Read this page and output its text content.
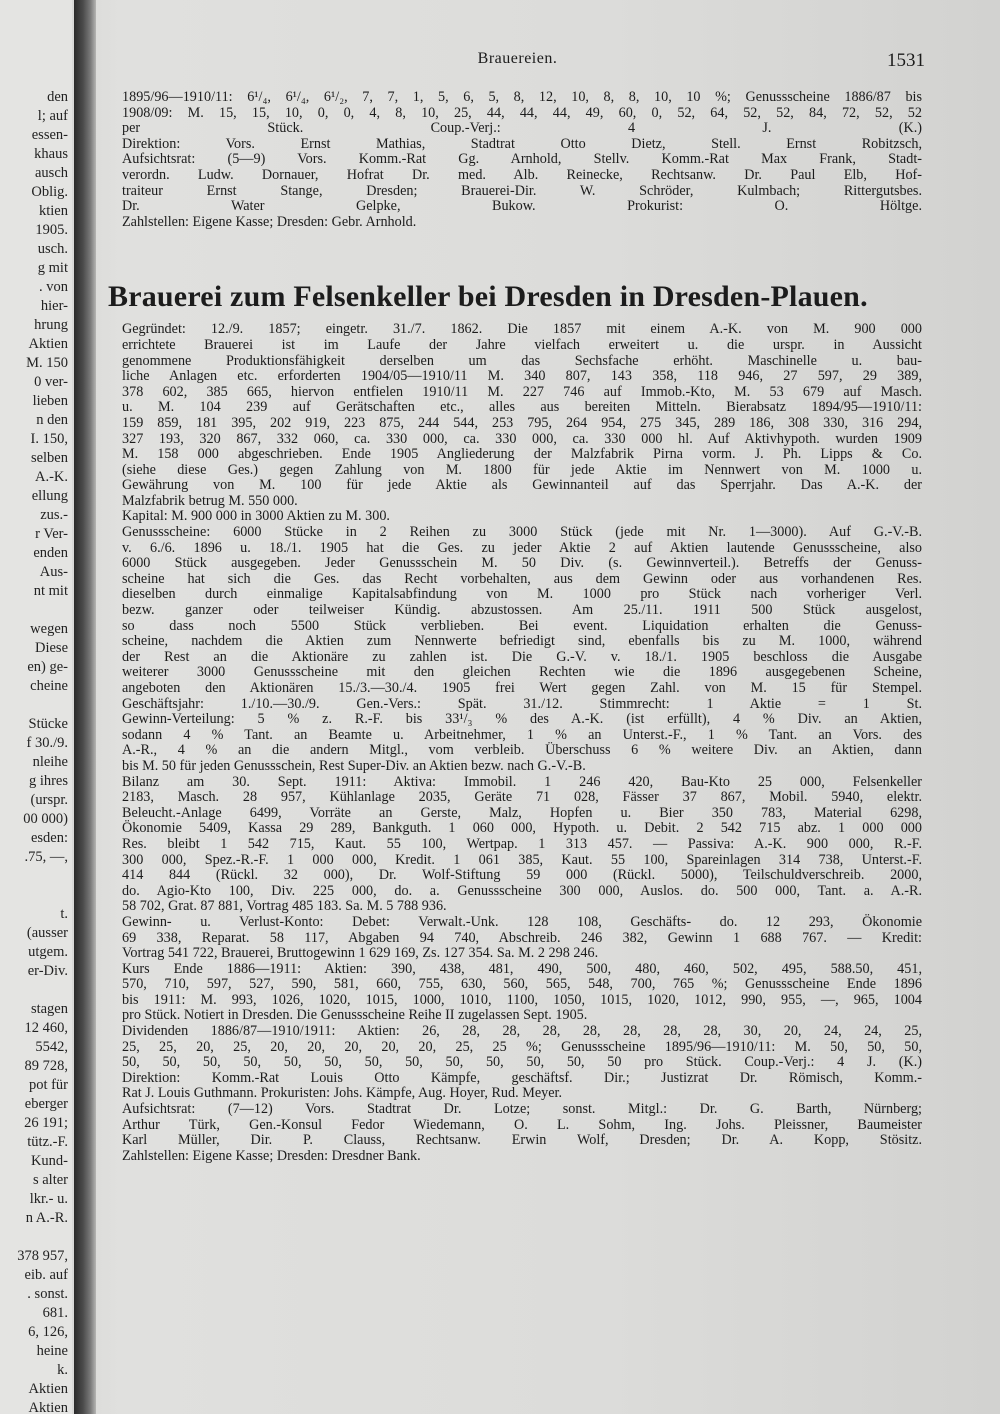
den
l; auf
essen-
khaus
ausch
Oblig.
ktien
1905.
usch.
g mit
. von
hier-
hrung
Aktien
M. 150
0 ver-
lieben
n den
I. 150,
selben
A.-K.
ellung
zus.-
r Ver-
enden
Aus-
nt mit
wegen
Diese
en) ge-
cheine
Stücke
f 30./9.
nleihe
g ihres
(urspr.
00 000)
esden:
.75, —,
t.
(ausser
utgem.
er-Div.
stagen
12 460,
5542,
89 728,
pot für
eberger
26 191;
tütz.-F.
Kund-
s alter
lkr.- u.
n A.-R.
378 957,
eib. auf
. sonst.
681.
6, 126,
heine
k.
Aktien
Aktien
Brauereien.	1531
1895/96—1910/11: 6¹/₄, 6¹/₄, 6¹/₂, 7, 7, 1, 5, 6, 5, 8, 12, 10, 8, 8, 10, 10 %; Genussscheine 1886/87 bis
1908/09: M. 15, 15, 10, 0, 0, 4, 8, 10, 25, 44, 44, 44, 49, 60, 0, 52, 64, 52, 52, 84, 72, 52, 52
per Stück. Coup.-Verj.: 4 J. (K.)
Direktion: Vors. Ernst Mathias, Stadtrat Otto Dietz, Stell. Ernst Robitzsch,
Aufsichtsrat: (5—9) Vors. Komm.-Rat Gg. Arnhold, Stellv. Komm.-Rat Max Frank, Stadt-
verordn. Ludw. Dornauer, Hofrat Dr. med. Alb. Reinecke, Rechtsanw. Dr. Paul Elb, Hof-
traiteur Ernst Stange, Dresden; Brauerei-Dir. W. Schröder, Kulmbach; Rittergutsbes.
Dr. Water Gelpke, Bukow. Prokurist: O. Höltge.
Zahlstellen: Eigene Kasse; Dresden: Gebr. Arnhold.
Brauerei zum Felsenkeller bei Dresden in Dresden-Plauen.
Gegründet: 12./9. 1857; eingetr. 31./7. 1862. Die 1857 mit einem A.-K. von M. 900 000
errichtete Brauerei ist im Laufe der Jahre vielfach erweitert u. die urspr. in Aussicht
genommene Produktionsfähigkeit derselben um das Sechsfache erhöht. Maschinelle u. bau-
liche Anlagen etc. erforderten 1904/05—1910/11 M. 340 807, 143 358, 118 946, 27 597, 29 389,
378 602, 385 665, hiervon entfielen 1910/11 M. 227 746 auf Immob.-Kto, M. 53 679 auf Masch.
u. M. 104 239 auf Gerätschaften etc., alles aus bereiten Mitteln. Bierabsatz 1894/95—1910/11:
159 859, 181 395, 202 919, 223 875, 244 544, 253 795, 264 954, 275 345, 289 186, 308 330, 316 294,
327 193, 320 867, 332 060, ca. 330 000, ca. 330 000, ca. 330 000 hl. Auf Aktivhypoth. wurden 1909
M. 158 000 abgeschrieben. Ende 1905 Angliederung der Malzfabrik Pirna vorm. J. Ph. Lipps & Co.
(siehe diese Ges.) gegen Zahlung von M. 1800 für jede Aktie im Nennwert von M. 1000 u.
Gewährung von M. 100 für jede Aktie als Gewinnanteil auf das Sperrjahr. Das A.-K. der
Malzfabrik betrug M. 550 000.
Kapital: M. 900 000 in 3000 Aktien zu M. 300.
Genussscheine: 6000 Stücke in 2 Reihen zu 3000 Stück (jede mit Nr. 1—3000). Auf G.-V.-B.
v. 6./6. 1896 u. 18./1. 1905 hat die Ges. zu jeder Aktie 2 auf Aktien lautende Genussscheine, also
6000 Stück ausgegeben. Jeder Genussschein M. 50 Div. (s. Gewinnverteil.). Betreffs der Genuss-
scheine hat sich die Ges. das Recht vorbehalten, aus dem Gewinn oder aus vorhandenen Res.
dieselben durch einmalige Kapitalsabfindung von M. 1000 pro Stück nach vorheriger Verl.
bezw. ganzer oder teilweiser Kündig. abzustossen. Am 25./11. 1911 500 Stück ausgelost,
so dass noch 5500 Stück verblieben. Bei event. Liquidation erhalten die Genuss-
scheine, nachdem die Aktien zum Nennwerte befriedigt sind, ebenfalls bis zu M. 1000, während
der Rest an die Aktionäre zu zahlen ist. Die G.-V. v. 18./1. 1905 beschloss die Ausgabe
weiterer 3000 Genussscheine mit den gleichen Rechten wie die 1896 ausgegebenen Scheine,
angeboten den Aktionären 15./3.—30./4. 1905 frei Wert gegen Zahl. von M. 15 für Stempel.
Geschäftsjahr: 1./10.—30./9. Gen.-Vers.: Spät. 31./12. Stimmrecht: 1 Aktie = 1 St.
Gewinn-Verteilung: 5 % z. R.-F. bis 33¹/₃ % des A.-K. (ist erfüllt), 4 % Div. an Aktien,
sodann 4 % Tant. an Beamte u. Arbeitnehmer, 1 % an Unterst.-F., 1 % Tant. an Vors. des
A.-R., 4 % an die andern Mitgl., vom verbleib. Überschuss 6 % weitere Div. an Aktien, dann
bis M. 50 für jeden Genussschein, Rest Super-Div. an Aktien bezw. nach G.-V.-B.
Bilanz am 30. Sept. 1911: Aktiva: Immobil. 1 246 420, Bau-Kto 25 000, Felsenkeller
2183, Masch. 28 957, Kühlanlage 2035, Geräte 71 028, Fässer 37 867, Mobil. 5940, elektr.
Beleucht.-Anlage 6499, Vorräte an Gerste, Malz, Hopfen u. Bier 350 783, Material 6298,
Ökonomie 5409, Kassa 29 289, Bankguth. 1 060 000, Hypoth. u. Debit. 2 542 715 abz. 1 000 000
Res. bleibt 1 542 715, Kaut. 55 100, Wertpap. 1 313 457. — Passiva: A.-K. 900 000, R.-F.
300 000, Spez.-R.-F. 1 000 000, Kredit. 1 061 385, Kaut. 55 100, Spareinlagen 314 738, Unterst.-F.
414 844 (Rückl. 32 000), Dr. Wolf-Stiftung 59 000 (Rückl. 5000), Teilschuldverschreib. 2000,
do. Agio-Kto 100, Div. 225 000, do. a. Genussscheine 300 000, Auslos. do. 500 000, Tant. a. A.-R.
58 702, Grat. 87 881, Vortrag 485 183. Sa. M. 5 788 936.
Gewinn- u. Verlust-Konto: Debet: Verwalt.-Unk. 128 108, Geschäfts- do. 12 293, Ökonomie
69 338, Reparat. 58 117, Abgaben 94 740, Abschreib. 246 382, Gewinn 1 688 767. — Kredit:
Vortrag 541 722, Brauerei, Bruttogewinn 1 629 169, Zs. 127 354. Sa. M. 2 298 246.
Kurs Ende 1886—1911: Aktien: 390, 438, 481, 490, 500, 480, 460, 502, 495, 588.50, 451,
570, 710, 597, 527, 590, 581, 660, 755, 630, 560, 565, 548, 700, 765 %; Genussscheine Ende 1896
bis 1911: M. 993, 1026, 1020, 1015, 1000, 1010, 1100, 1050, 1015, 1020, 1012, 990, 955, —, 965, 1004
pro Stück. Notiert in Dresden. Die Genussscheine Reihe II zugelassen Sept. 1905.
Dividenden 1886/87—1910/1911: Aktien: 26, 28, 28, 28, 28, 28, 28, 28, 30, 20, 24, 24, 25,
25, 25, 20, 25, 20, 20, 20, 20, 20, 25, 25 %; Genussscheine 1895/96—1910/11: M. 50, 50, 50,
50, 50, 50, 50, 50, 50, 50, 50, 50, 50, 50, 50, 50 pro Stück. Coup.-Verj.: 4 J. (K.)
Direktion: Komm.-Rat Louis Otto Kämpfe, geschäftsf. Dir.; Justizrat Dr. Römisch, Komm.-
Rat J. Louis Guthmann. Prokuristen: Johs. Kämpfe, Aug. Hoyer, Rud. Meyer.
Aufsichtsrat: (7—12) Vors. Stadtrat Dr. Lotze; sonst. Mitgl.: Dr. G. Barth, Nürnberg;
Arthur Türk, Gen.-Konsul Fedor Wiedemann, O. L. Sohm, Ing. Johs. Pleissner, Baumeister
Karl Müller, Dir. P. Clauss, Rechtsanw. Erwin Wolf, Dresden; Dr. A. Kopp, Stösitz.
Zahlstellen: Eigene Kasse; Dresden: Dresdner Bank.
